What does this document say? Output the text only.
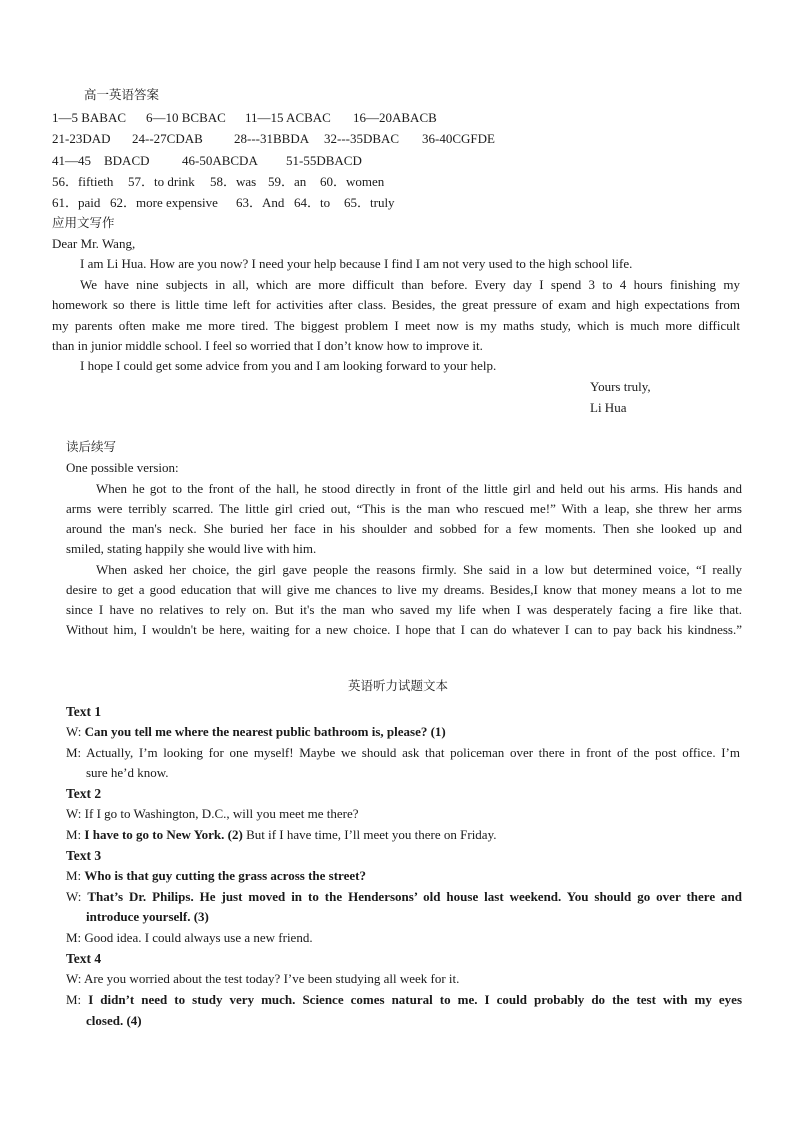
高一英语答案
1—5 BABAC 6—10 BCBAC 11—15 ACBAC 16—20ABACB
21-23DAD 24--27CDAB 28---31BBDA 32---35DBAC 36-40CGFDE
41—45 BDACD 46-50ABCDA 51-55DBACD
56．fiftieth 57．to drink 58．was 59．an 60．women
61．paid 62．more expensive 63．And 64．to 65．truly
应用文写作
Dear Mr. Wang,
I am Li Hua. How are you now? I need your help because I find I am not very used to the high school life.
We have nine subjects in all, which are more difficult than before. Every day I spend 3 to 4 hours finishing my
homework so there is little time left for activities after class. Besides, the great pressure of exam and high expectations from
my parents often make me more tired. The biggest problem I meet now is my maths study, which is much more difficult
than in junior middle school. I feel so worried that I don’t know how to improve it.
I hope I could get some advice from you and I am looking forward to your help.
Yours truly,
Li Hua
读后续写
One possible version:
When he got to the front of the hall, he stood directly in front of the little girl and held out his arms. His hands and
arms were terribly scarred. The little girl cried out, “This is the man who rescued me!” With a leap, she threw her arms
around the man's neck. She buried her face in his shoulder and sobbed for a few moments. Then she looked up and
smiled, stating happily she would live with him.
When asked her choice, the girl gave people the reasons firmly. She said in a low but determined voice, “I really
desire to get a good education that will give me chances to live my dreams. Besides,I know that money means a lot to me
since I have no relatives to rely on. But it's the man who saved my life when I was desperately facing a fire like that.
Without him, I wouldn't be here, waiting for a new choice. I hope that I can do whatever I can to pay back his kindness.”
英语听力试题文本
Text 1
W: Can you tell me where the nearest public bathroom is, please? (1)
M: Actually, I’m looking for one myself! Maybe we should ask that policeman over there in front of the post office. I’m
sure he’d know.
Text 2
W: If I go to Washington, D.C., will you meet me there?
M: I have to go to New York. (2) But if I have time, I’ll meet you there on Friday.
Text 3
M: Who is that guy cutting the grass across the street?
W: That’s Dr. Philips. He just moved in to the Hendersons’ old house last weekend. You should go over there and
introduce yourself. (3)
M: Good idea. I could always use a new friend.
Text 4
W: Are you worried about the test today? I’ve been studying all week for it.
M: I didn’t need to study very much. Science comes natural to me. I could probably do the test with my eyes
closed. (4)
